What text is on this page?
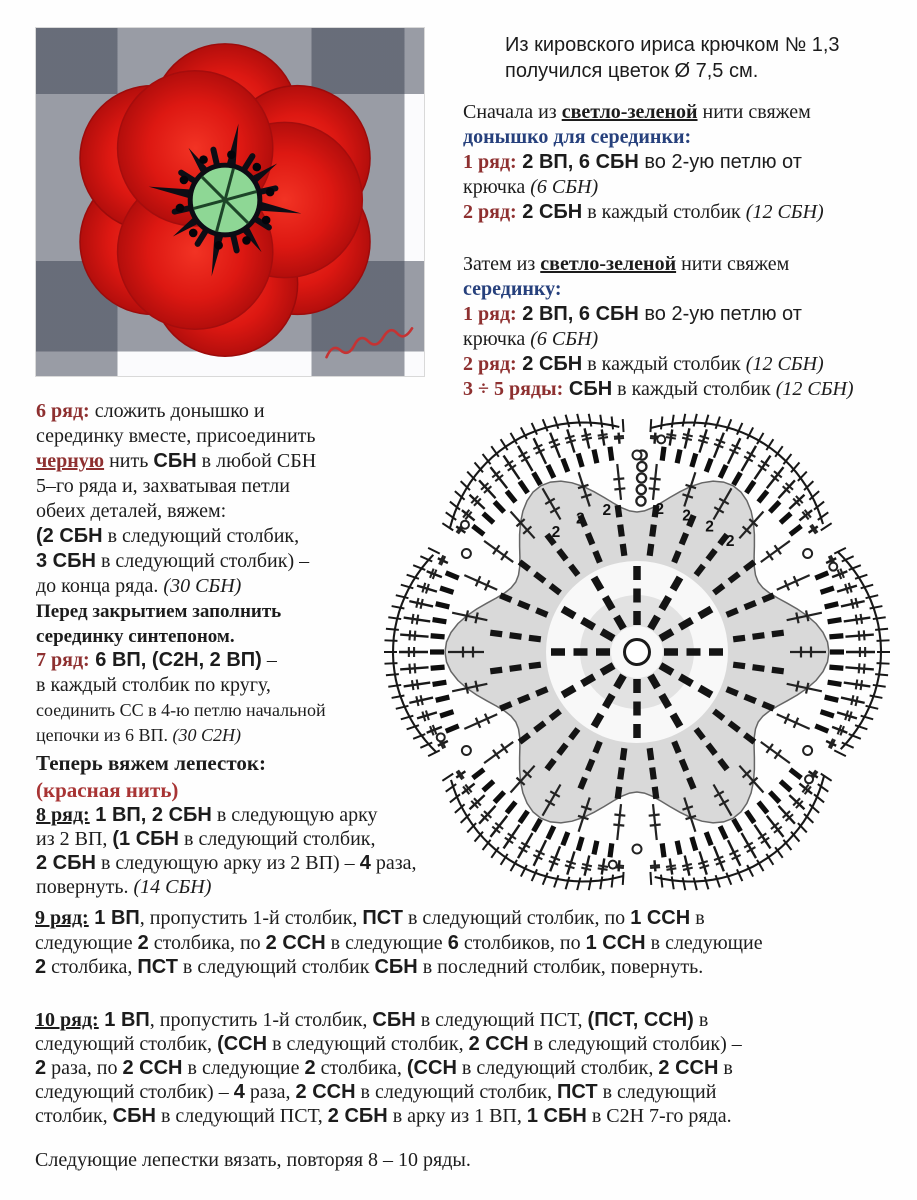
Из кировского ириса крючком № 1,3
получился цветок Ø 7,5 см.
Сначала из светло-зеленой нити свяжем
донышко для серединки:
1 ряд: 2 ВП, 6 СБН во 2-ую петлю от
крючка (6 СБН)
2 ряд: 2 СБН в каждый столбик (12 СБН)
Затем из светло-зеленой нити свяжем
серединку:
1 ряд: 2 ВП, 6 СБН во 2-ую петлю от
крючка (6 СБН)
2 ряд: 2 СБН в каждый столбик (12 СБН)
3 ÷ 5 ряды: СБН в каждый столбик (12 СБН)
6 ряд: сложить донышко и
серединку вместе, присоединить
черную нить СБН в любой СБН
5–го ряда и, захватывая петли
обеих деталей, вяжем:
(2 СБН в следующий столбик,
3 СБН в следующий столбик) –
до конца ряда. (30 СБН)
Перед закрытием заполнить
серединку синтепоном.
7 ряд: 6 ВП, (С2Н, 2 ВП) –
в каждый столбик по кругу,
соединить СС в 4-ю петлю начальной
цепочки из 6 ВП. (30 С2Н)
Теперь вяжем лепесток:
(красная нить)
8 ряд: 1 ВП, 2 СБН в следующую арку
из 2 ВП, (1 СБН в следующий столбик,
2 СБН в следующую арку из 2 ВП) – 4 раза,
повернуть. (14 СБН)
9 ряд: 1 ВП, пропустить 1-й столбик, ПСТ в следующий столбик, по 1 ССН в
следующие 2 столбика, по 2 ССН в следующие 6 столбиков, по 1 ССН в следующие
2 столбика, ПСТ в следующий столбик СБН в последний столбик, повернуть.
10 ряд: 1 ВП, пропустить 1-й столбик, СБН в следующий ПСТ, (ПСТ, ССН) в
следующий столбик, (ССН в следующий столбик, 2 ССН в следующий столбик) –
2 раза, по 2 ССН в следующие 2 столбика, (ССН в следующий столбик, 2 ССН в
следующий столбик) – 4 раза, 2 ССН в следующий столбик, ПСТ в следующий
столбик, СБН в следующий ПСТ, 2 СБН в арку из 1 ВП, 1 СБН в С2Н 7-го ряда.
Следующие лепестки вязать, повторяя 8 – 10 ряды.
2
2 2	2 2
2
2
